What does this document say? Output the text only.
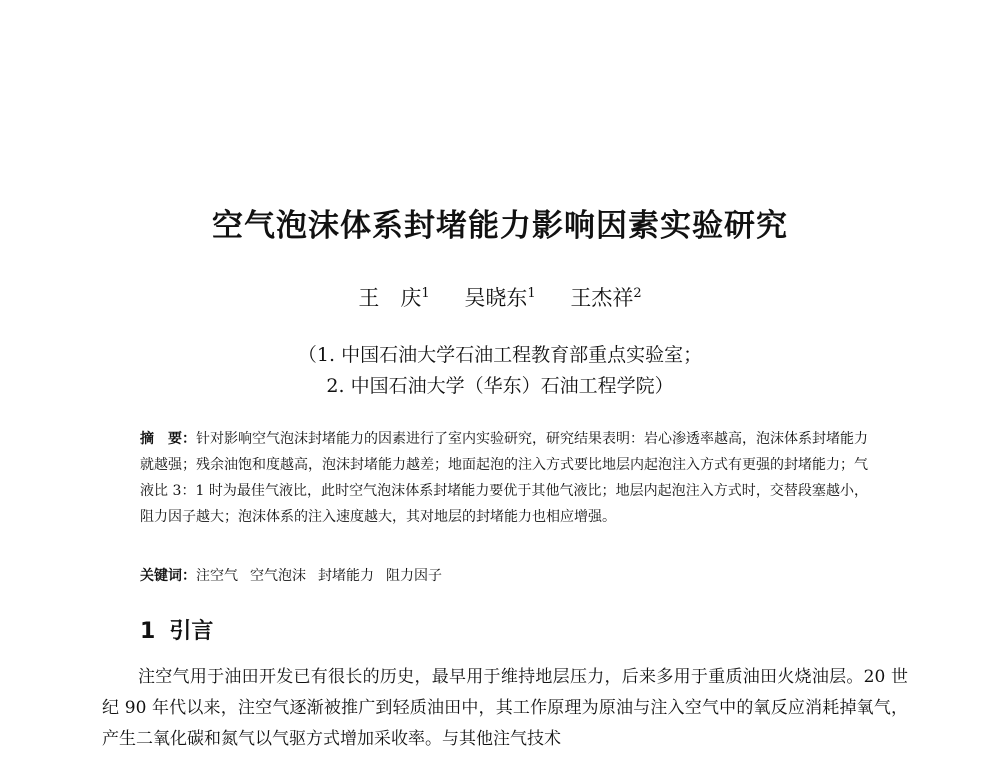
空气泡沫体系封堵能力影响因素实验研究
王　庆$^1$ 吴晓东$^1$ 王杰祥$^2$
（1. 中国石油大学石油工程教育部重点实验室；
2. 中国石油大学（华东）石油工程学院）
摘　要：针对影响空气泡沫封堵能力的因素进行了室内实验研究，研究结果表明：岩心渗透率越高，泡沫体系封堵能力就越强；残余油饱和度越高，泡沫封堵能力越差；地面起泡的注入方式要比地层内起泡注入方式有更强的封堵能力；气液比 3：1 时为最佳气液比，此时空气泡沫体系封堵能力要优于其他气液比；地层内起泡注入方式时，交替段塞越小，阻力因子越大；泡沫体系的注入速度越大，其对地层的封堵能力也相应增强。
关键词：注空气 空气泡沫 封堵能力 阻力因子
1 引言
注空气用于油田开发已有很长的历史，最早用于维持地层压力，后来多用于重质油田火烧油层。20 世纪 90 年代以来，注空气逐渐被推广到轻质油田中，其工作原理为原油与注入空气中的氧反应消耗掉氧气，产生二氧化碳和氮气以气驱方式增加采收率。与其他注气技术
